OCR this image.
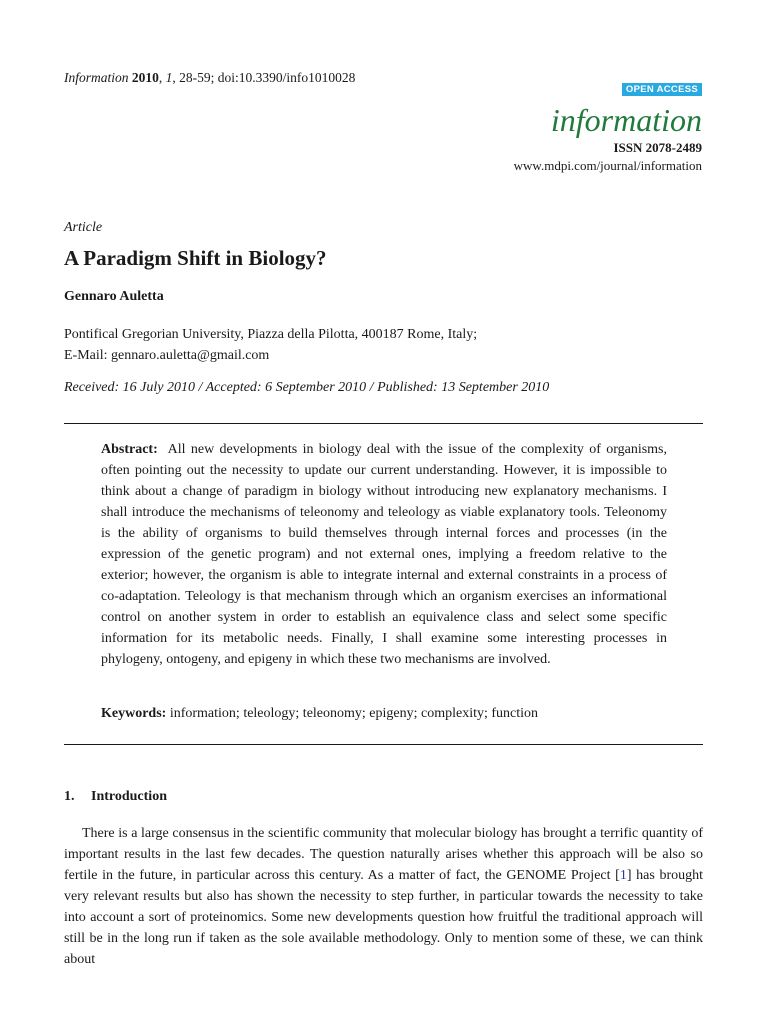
Information 2010, 1, 28-59; doi:10.3390/info1010028
OPEN ACCESS
information
ISSN 2078-2489
www.mdpi.com/journal/information
Article
A Paradigm Shift in Biology?
Gennaro Auletta
Pontifical Gregorian University, Piazza della Pilotta, 400187 Rome, Italy;
E-Mail: gennaro.auletta@gmail.com
Received: 16 July 2010 / Accepted: 6 September 2010 / Published: 13 September 2010
Abstract: All new developments in biology deal with the issue of the complexity of organisms, often pointing out the necessity to update our current understanding. However, it is impossible to think about a change of paradigm in biology without introducing new explanatory mechanisms. I shall introduce the mechanisms of teleonomy and teleology as viable explanatory tools. Teleonomy is the ability of organisms to build themselves through internal forces and processes (in the expression of the genetic program) and not external ones, implying a freedom relative to the exterior; however, the organism is able to integrate internal and external constraints in a process of co-adaptation. Teleology is that mechanism through which an organism exercises an informational control on another system in order to establish an equivalence class and select some specific information for its metabolic needs. Finally, I shall examine some interesting processes in phylogeny, ontogeny, and epigeny in which these two mechanisms are involved.
Keywords: information; teleology; teleonomy; epigeny; complexity; function
1. Introduction

There is a large consensus in the scientific community that molecular biology has brought a terrific quantity of important results in the last few decades. The question naturally arises whether this approach will be also so fertile in the future, in particular across this century. As a matter of fact, the GENOME Project [1] has brought very relevant results but also has shown the necessity to step further, in particular towards the necessity to take into account a sort of proteinomics. Some new developments question how fruitful the traditional approach will still be in the long run if taken as the sole available methodology. Only to mention some of these, we can think about
